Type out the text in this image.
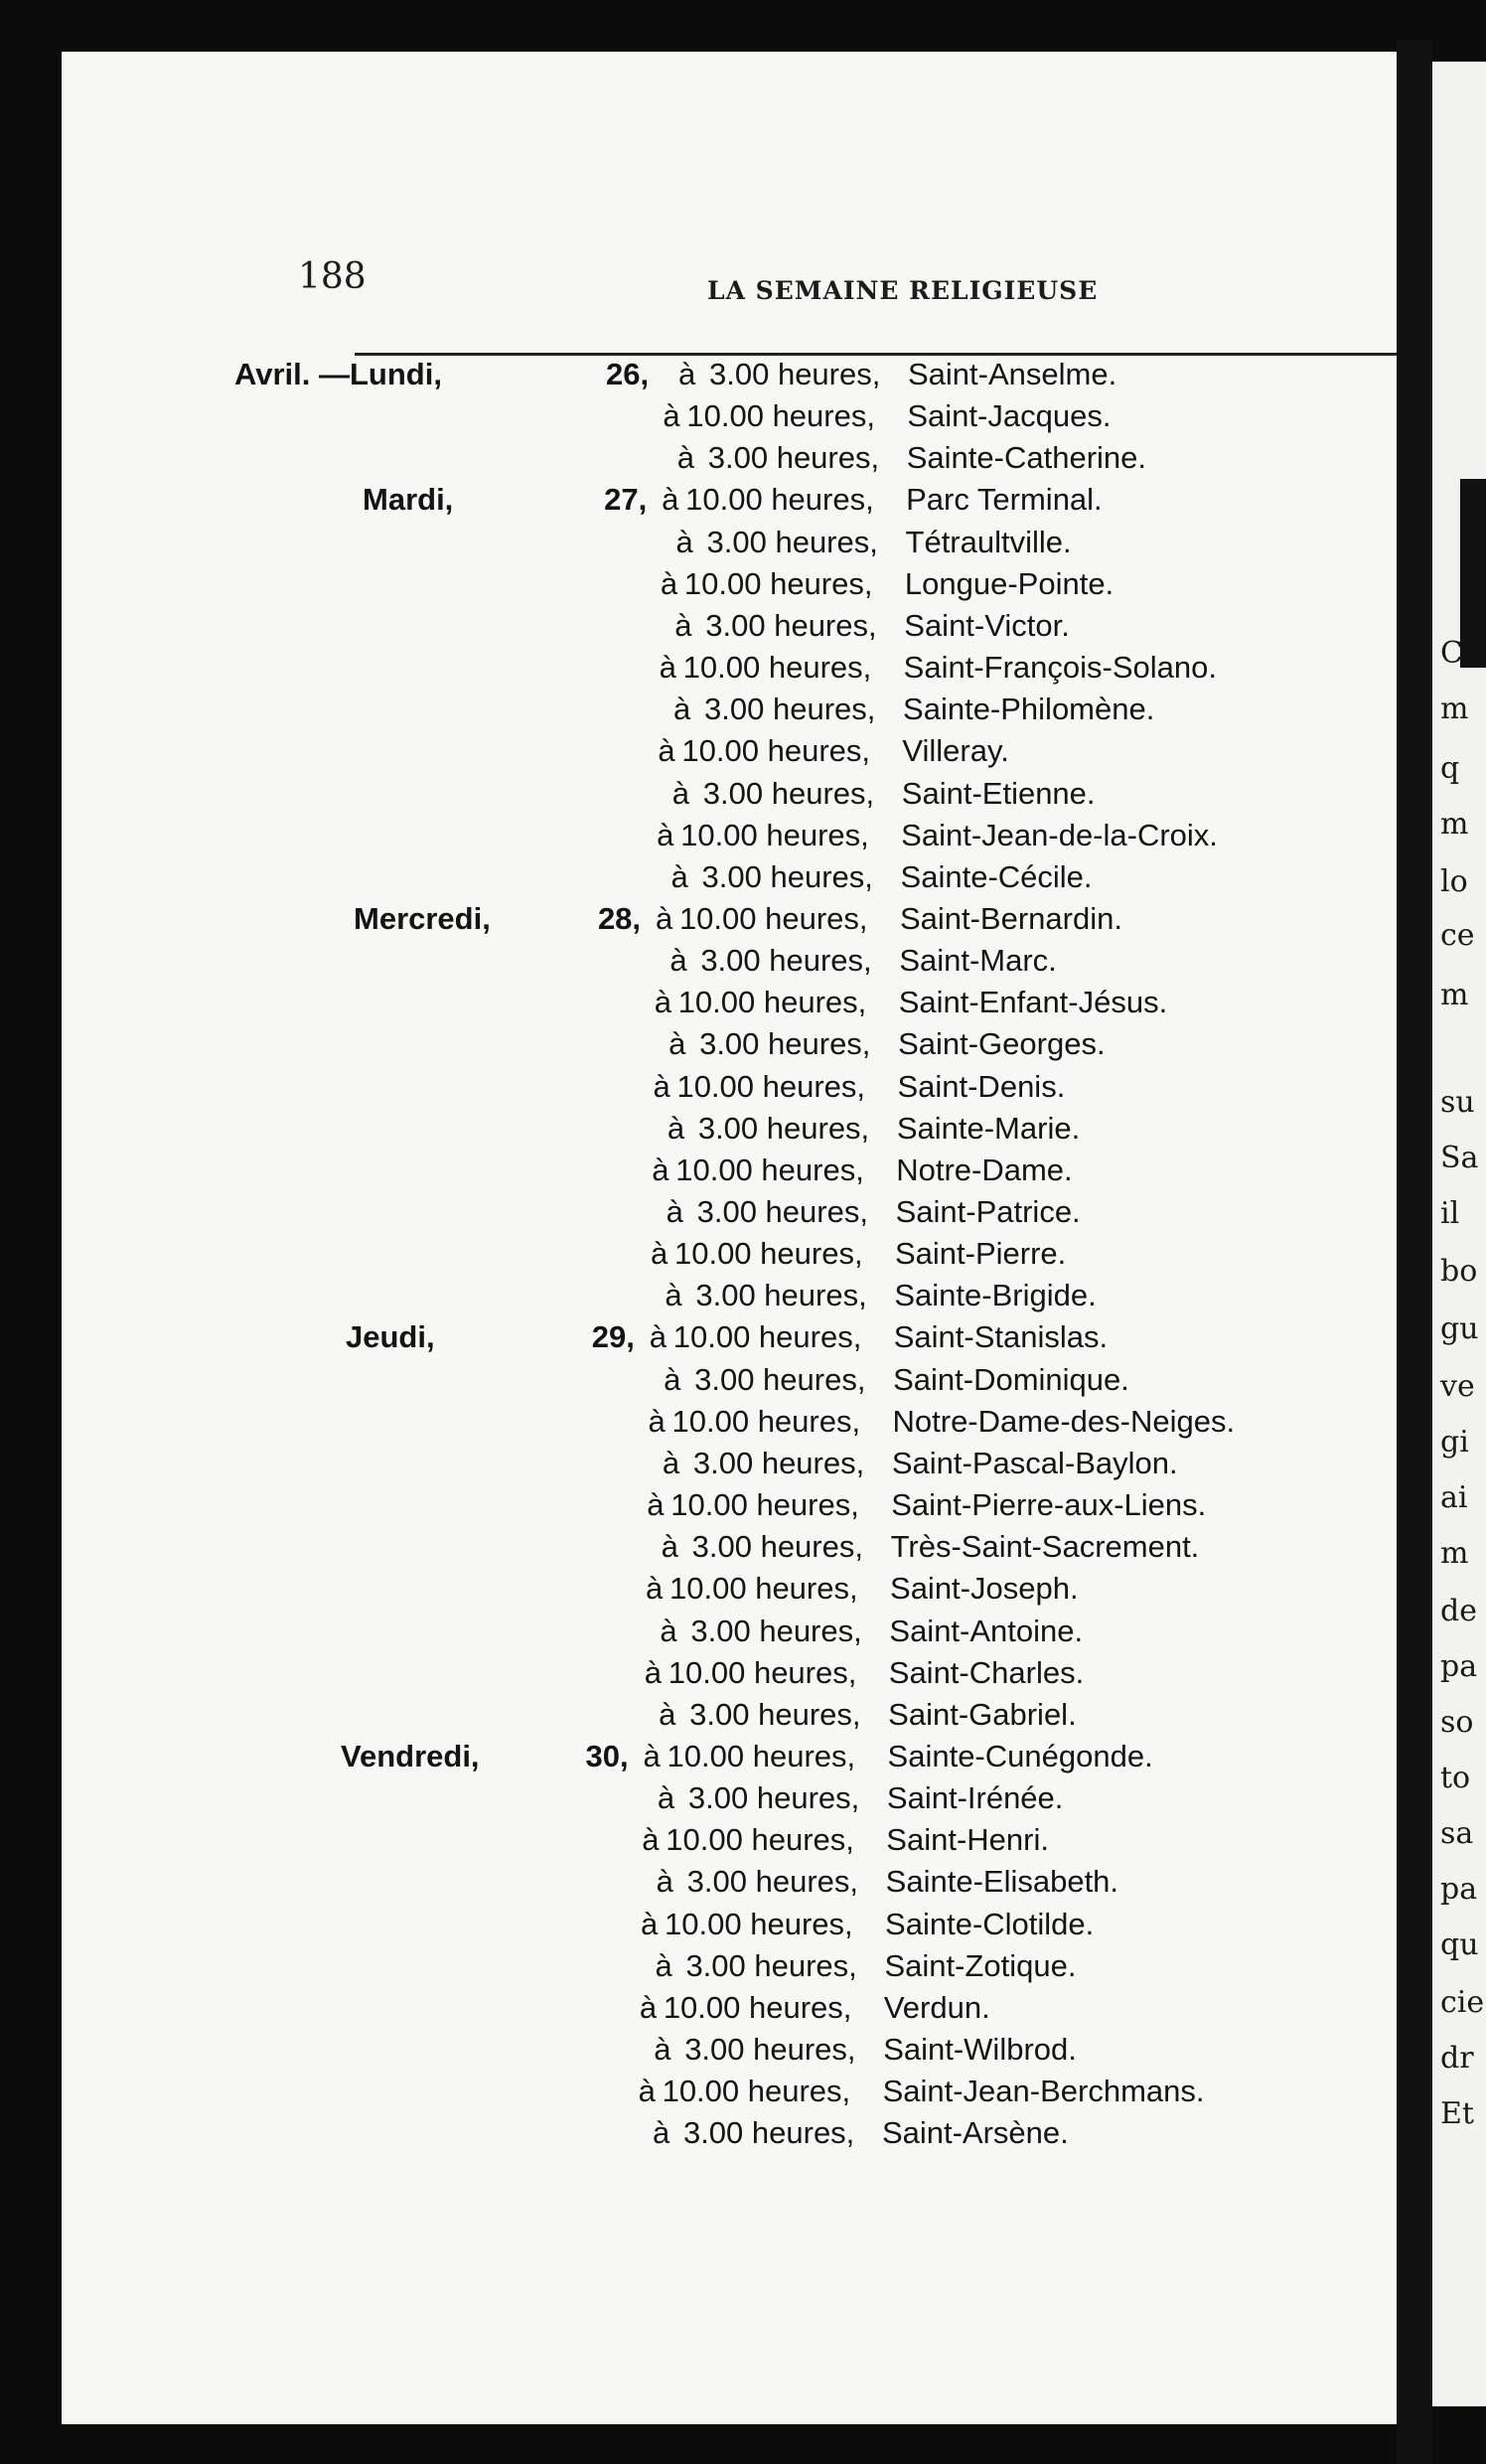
188	LA SEMAINE RELIGIEUSE
Avril. —Lundi,	26, à 3.00 heures, Saint-Anselme.
à 10.00 heures, Saint-Jacques.
à 3.00 heures, Sainte-Catherine.
Mardi,	27, à 10.00 heures, Parc Terminal.
à 3.00 heures, Tétraultville.
à 10.00 heures, Longue-Pointe.
à 3.00 heures, Saint-Victor.
à 10.00 heures, Saint-François-Solano.
à 3.00 heures, Sainte-Philomène.
à 10.00 heures, Villeray.
à 3.00 heures, Saint-Etienne.
à 10.00 heures, Saint-Jean-de-la-Croix.
à 3.00 heures, Sainte-Cécile.
Mercredi,	28, à 10.00 heures, Saint-Bernardin.
à 3.00 heures, Saint-Marc.
à 10.00 heures, Saint-Enfant-Jésus.
à 3.00 heures, Saint-Georges.
à 10.00 heures, Saint-Denis.
à 3.00 heures, Sainte-Marie.
à 10.00 heures, Notre-Dame.
à 3.00 heures, Saint-Patrice.
à 10.00 heures, Saint-Pierre.
à 3.00 heures, Sainte-Brigide.
Jeudi,	29, à 10.00 heures, Saint-Stanislas.
à 3.00 heures, Saint-Dominique.
à 10.00 heures, Notre-Dame-des-Neiges.
à 3.00 heures, Saint-Pascal-Baylon.
à 10.00 heures, Saint-Pierre-aux-Liens.
à 3.00 heures, Très-Saint-Sacrement.
à 10.00 heures, Saint-Joseph.
à 3.00 heures, Saint-Antoine.
à 10.00 heures, Saint-Charles.
à 3.00 heures, Saint-Gabriel.
Vendredi,	30, à 10.00 heures, Sainte-Cunégonde.
à 3.00 heures, Saint-Irénée.
à 10.00 heures, Saint-Henri.
à 3.00 heures, Sainte-Elisabeth.
à 10.00 heures, Sainte-Clotilde.
à 3.00 heures, Saint-Zotique.
à 10.00 heures, Verdun.
à 3.00 heures, Saint-Wilbrod.
à 10.00 heures, Saint-Jean-Berchmans.
à 3.00 heures, Saint-Arsène.
C
m
q
m
lo
ce
m
su
Sa
il
bo
gu
ve
gi
ai
m
de
pa
so
to
sa
pa
qu
cie
dr
Et
